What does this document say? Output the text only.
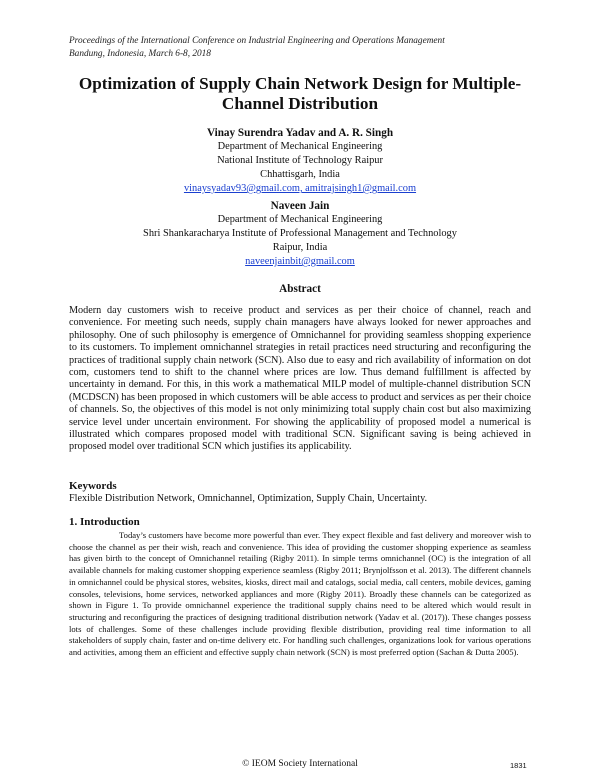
Proceedings of the International Conference on Industrial Engineering and Operations Management
Bandung, Indonesia, March 6-8, 2018
Optimization of Supply Chain Network Design for Multiple-
Channel Distribution
Vinay Surendra Yadav and A. R. Singh
Department of Mechanical Engineering
National Institute of Technology Raipur
Chhattisgarh, India
vinaysyadav93@gmail.com, amitrajsingh1@gmail.com
Naveen Jain
Department of Mechanical Engineering
Shri Shankaracharya Institute of Professional Management and Technology
Raipur, India
naveenjainbit@gmail.com
Abstract
Modern day customers wish to receive product and services as per their choice of channel, reach and convenience. For meeting such needs, supply chain managers have always looked for newer approaches and philosophy. One of such philosophy is emergence of Omnichannel for providing seamless shopping experience to its customers. To implement omnichannel strategies in retail practices need structuring and reconfiguring the practices of traditional supply chain network (SCN). Also due to easy and rich availability of information on dot com, customers tend to shift to the channel where prices are low. Thus demand fulfillment is affected by uncertainty in demand. For this, in this work a mathematical MILP model of multiple-channel distribution SCN (MCDSCN) has been proposed in which customers will be able access to product and services as per their choice of channels. So, the objectives of this model is not only minimizing total supply chain cost but also maximizing service level under uncertain environment. For showing the applicability of proposed model a numerical is illustrated which compares proposed model with traditional SCN. Significant saving is being achieved in proposed model over traditional SCN which justifies its applicability.
Keywords
Flexible Distribution Network, Omnichannel, Optimization, Supply Chain, Uncertainty.
1. Introduction
Today’s customers have become more powerful than ever. They expect flexible and fast delivery and moreover wish to choose the channel as per their wish, reach and convenience. This idea of providing the customer shopping experience as seamless has given birth to the concept of Omnichannel retailing (Rigby 2011). In simple terms omnichannel (OC) is the integration of all available channels for making customer shopping experience seamless (Rigby 2011; Brynjolfsson et al. 2013). The different channels in omnichannel could be physical stores, websites, kiosks, direct mail and catalogs, social media, call centers, mobile devices, gaming consoles, televisions, home services, networked appliances and more (Rigby 2011). Broadly these channels can be categorized as shown in Figure 1. To provide omnichannel experience the traditional supply chains need to be altered which would result in structuring and reconfiguring the practices of designing traditional distribution network (Yadav et al. (2017)). These changes possess lots of challenges. Some of these challenges include providing flexible distribution, providing real time information to all stakeholders of supply chain, faster and on-time delivery etc. For handling such challenges, organizations look for various operations and activities, among them an efficient and effective supply chain network (SCN) is most preferred option (Sachan & Dutta 2005).
© IEOM Society International	1831
